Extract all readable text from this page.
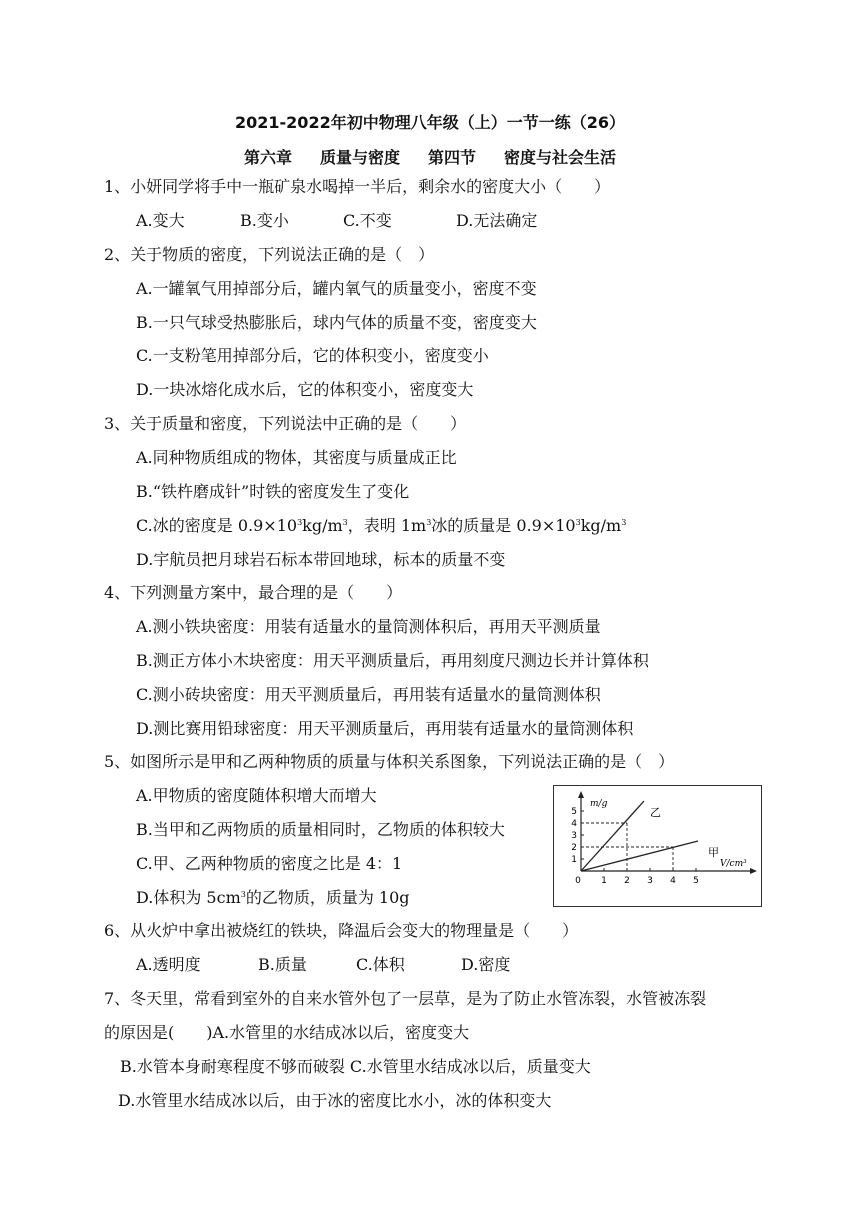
2021-2022年初中物理八年级（上）一节一练（26）
第六章 质量与密度 第四节 密度与社会生活
1、小妍同学将手中一瓶矿泉水喝掉一半后，剩余水的密度大小（　　）
A.变大	B.变小	C.不变	D.无法确定
2、关于物质的密度，下列说法正确的是（　）
A.一罐氧气用掉部分后，罐内氧气的质量变小，密度不变
B.一只气球受热膨胀后，球内气体的质量不变，密度变大
C.一支粉笔用掉部分后，它的体积变小，密度变小
D.一块冰熔化成水后，它的体积变小，密度变大
3、关于质量和密度，下列说法中正确的是（　　）
A.同种物质组成的物体，其密度与质量成正比
B.“铁杵磨成针”时铁的密度发生了变化
C.冰的密度是 $0.9\times 10^3kg/m^3$，表明 $1m^3$冰的质量是 $0.9\times 10^3kg/m^3$
D.宇航员把月球岩石标本带回地球，标本的质量不变
4、下列测量方案中，最合理的是（　　）
A.测小铁块密度：用装有适量水的量筒测体积后，再用天平测质量
B.测正方体小木块密度：用天平测质量后，再用刻度尺测边长并计算体积
C.测小砖块密度：用天平测质量后，再用装有适量水的量筒测体积
D.测比赛用铅球密度：用天平测质量后，再用装有适量水的量筒测体积
5、如图所示是甲和乙两种物质的质量与体积关系图象，下列说法正确的是（　）
A.甲物质的密度随体积增大而增大
B.当甲和乙两物质的质量相同时，乙物质的体积较大
C.甲、乙两种物质的密度之比是 4：1
D.体积为 $5cm^3$的乙物质，质量为 10g
m/g
V/cm³
1
2
3
4
5
0 1 2 3 4 5
乙
甲
6、从火炉中拿出被烧红的铁块，降温后会变大的物理量是（　　）
A.透明度	B.质量	C.体积	D.密度
7、冬天里，常看到室外的自来水管外包了一层草，是为了防止水管冻裂，水管被冻裂
的原因是(　　)A.水管里的水结成冰以后，密度变大
B.水管本身耐寒程度不够而破裂 C.水管里水结成冰以后，质量变大
D.水管里水结成冰以后，由于冰的密度比水小，冰的体积变大
